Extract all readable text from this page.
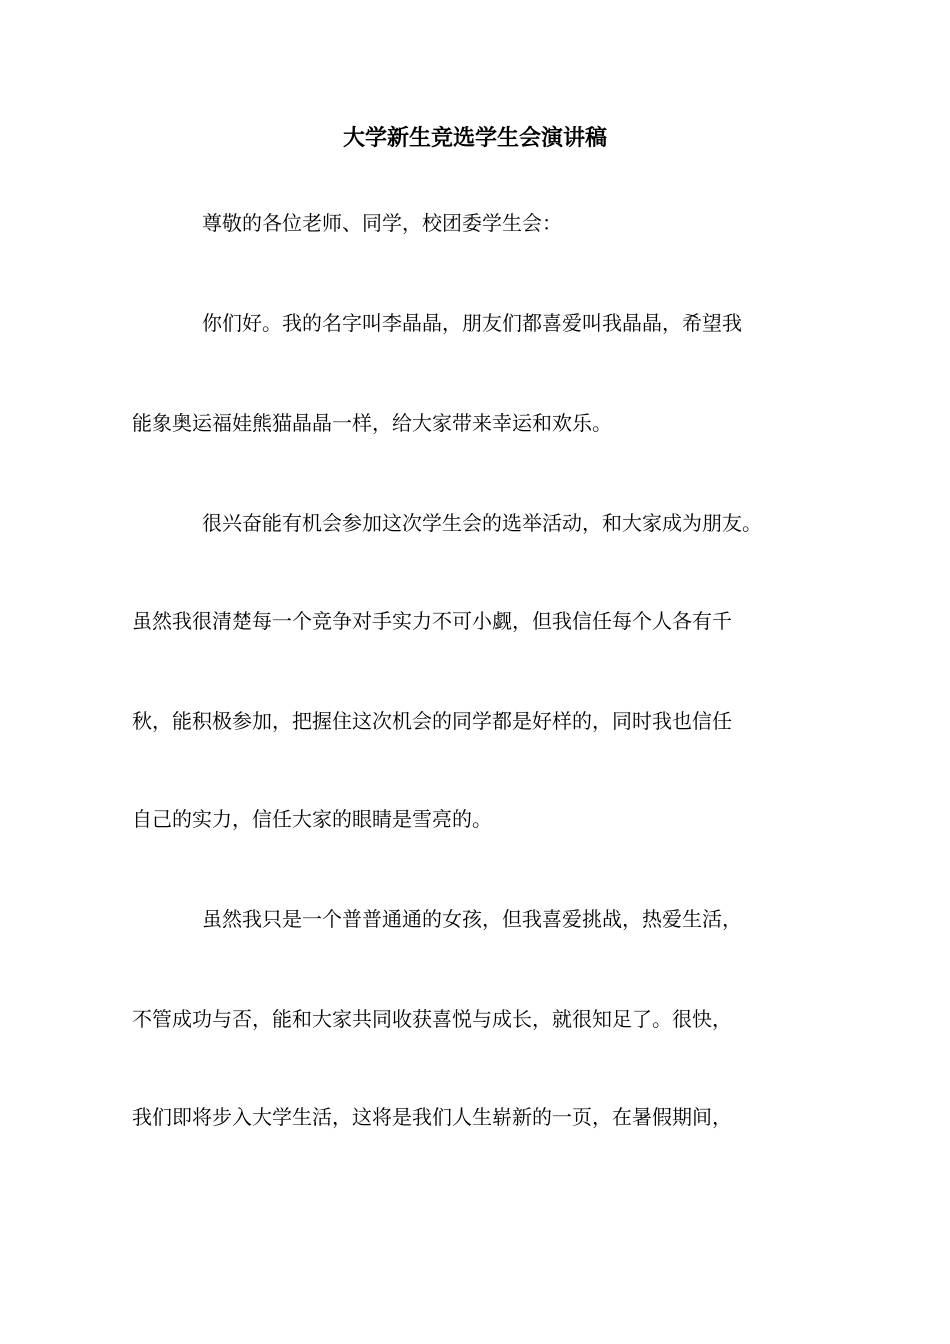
大学新生竞选学生会演讲稿
尊敬的各位老师、同学，校团委学生会：
你们好。我的名字叫李晶晶，朋友们都喜爱叫我晶晶，希望我
能象奥运福娃熊猫晶晶一样，给大家带来幸运和欢乐。
很兴奋能有机会参加这次学生会的选举活动，和大家成为朋友。
虽然我很清楚每一个竞争对手实力不可小觑，但我信任每个人各有千
秋，能积极参加，把握住这次机会的同学都是好样的，同时我也信任
自己的实力，信任大家的眼睛是雪亮的。
虽然我只是一个普普通通的女孩，但我喜爱挑战，热爱生活，
不管成功与否，能和大家共同收获喜悦与成长，就很知足了。很快，
我们即将步入大学生活，这将是我们人生崭新的一页，在暑假期间，
